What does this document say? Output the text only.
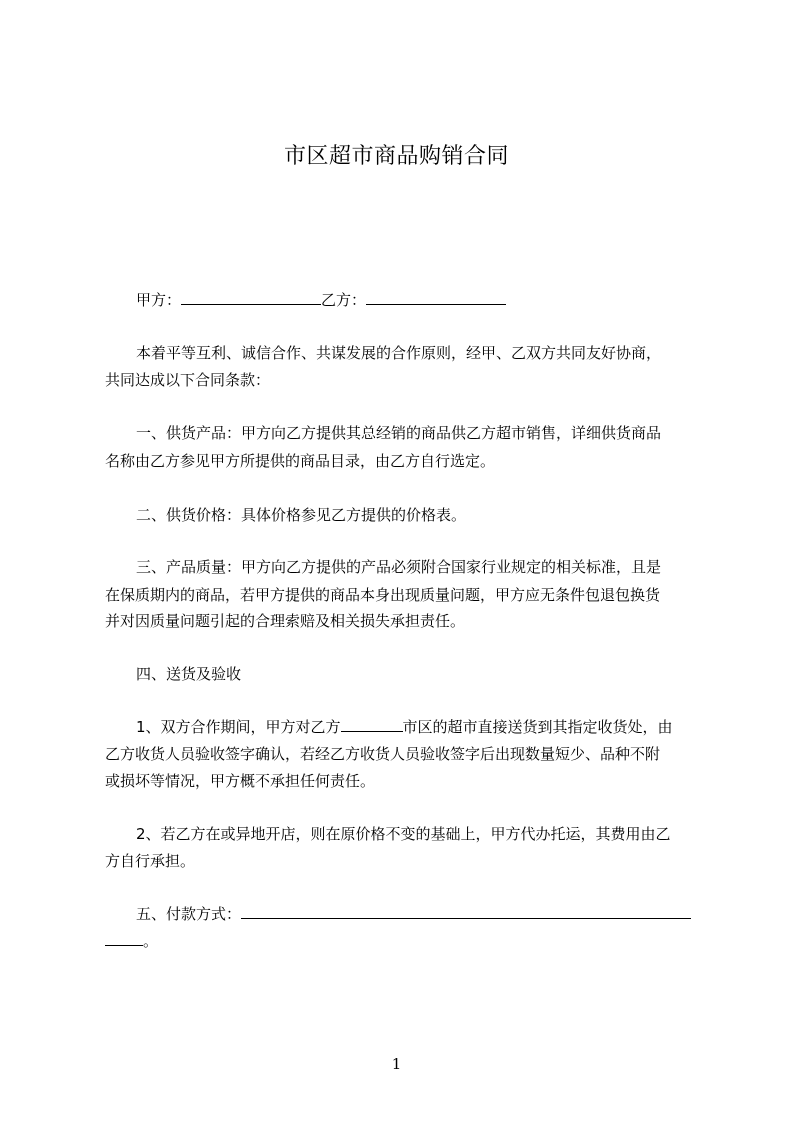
市区超市商品购销合同
甲方：	乙方：
本着平等互利、诚信合作、共谋发展的合作原则，经甲、乙双方共同友好协商，
共同达成以下合同条款：
一、供货产品：甲方向乙方提供其总经销的商品供乙方超市销售，详细供货商品
名称由乙方参见甲方所提供的商品目录，由乙方自行选定。
二、供货价格：具体价格参见乙方提供的价格表。
三、产品质量：甲方向乙方提供的产品必须附合国家行业规定的相关标准，且是
在保质期内的商品，若甲方提供的商品本身出现质量问题，甲方应无条件包退包换货
并对因质量问题引起的合理索赔及相关损失承担责任。
四、送货及验收
1、双方合作期间，甲方对乙方	市区的超市直接送货到其指定收货处，由
乙方收货人员验收签字确认，若经乙方收货人员验收签字后出现数量短少、品种不附
或损坏等情况，甲方概不承担任何责任。
2、若乙方在或异地开店，则在原价格不变的基础上，甲方代办托运，其费用由乙
方自行承担。
五、付款方式：
。
1
